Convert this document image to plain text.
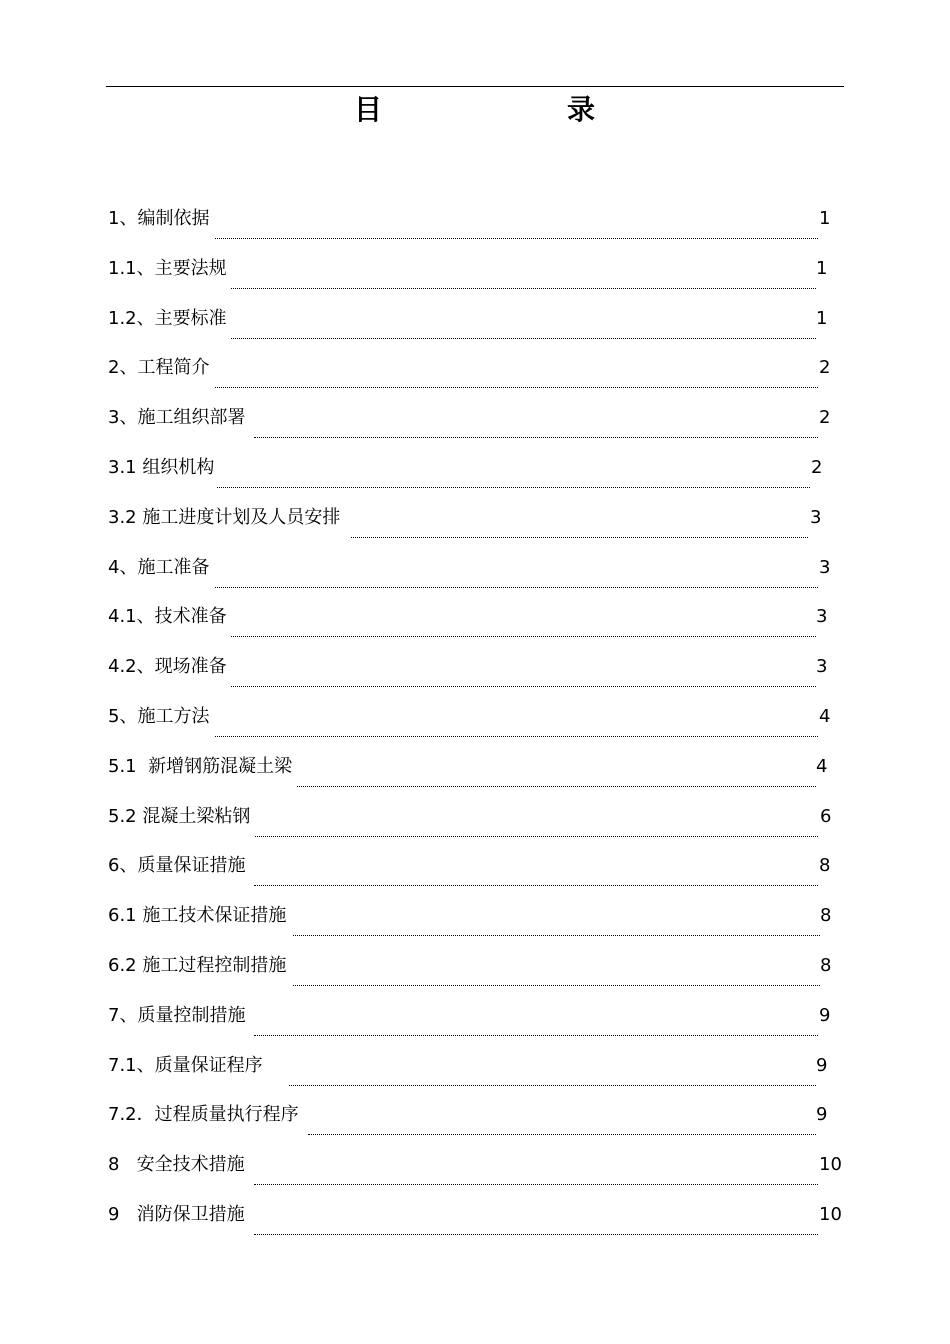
目	录
1、编制依据	1
1.1、主要法规	1
1.2、主要标准	1
2、工程简介	2
3、施工组织部署	2
3.1 组织机构	2
3.2 施工进度计划及人员安排	3
4、施工准备	3
4.1、技术准备	3
4.2、现场准备	3
5、施工方法	4
5.1  新增钢筋混凝土梁	4
5.2 混凝土梁粘钢	6
6、质量保证措施	8
6.1 施工技术保证措施	8
6.2 施工过程控制措施	8
7、质量控制措施	9
7.1、质量保证程序	9
7.2．过程质量执行程序	9
8   安全技术措施	10
9   消防保卫措施	10
